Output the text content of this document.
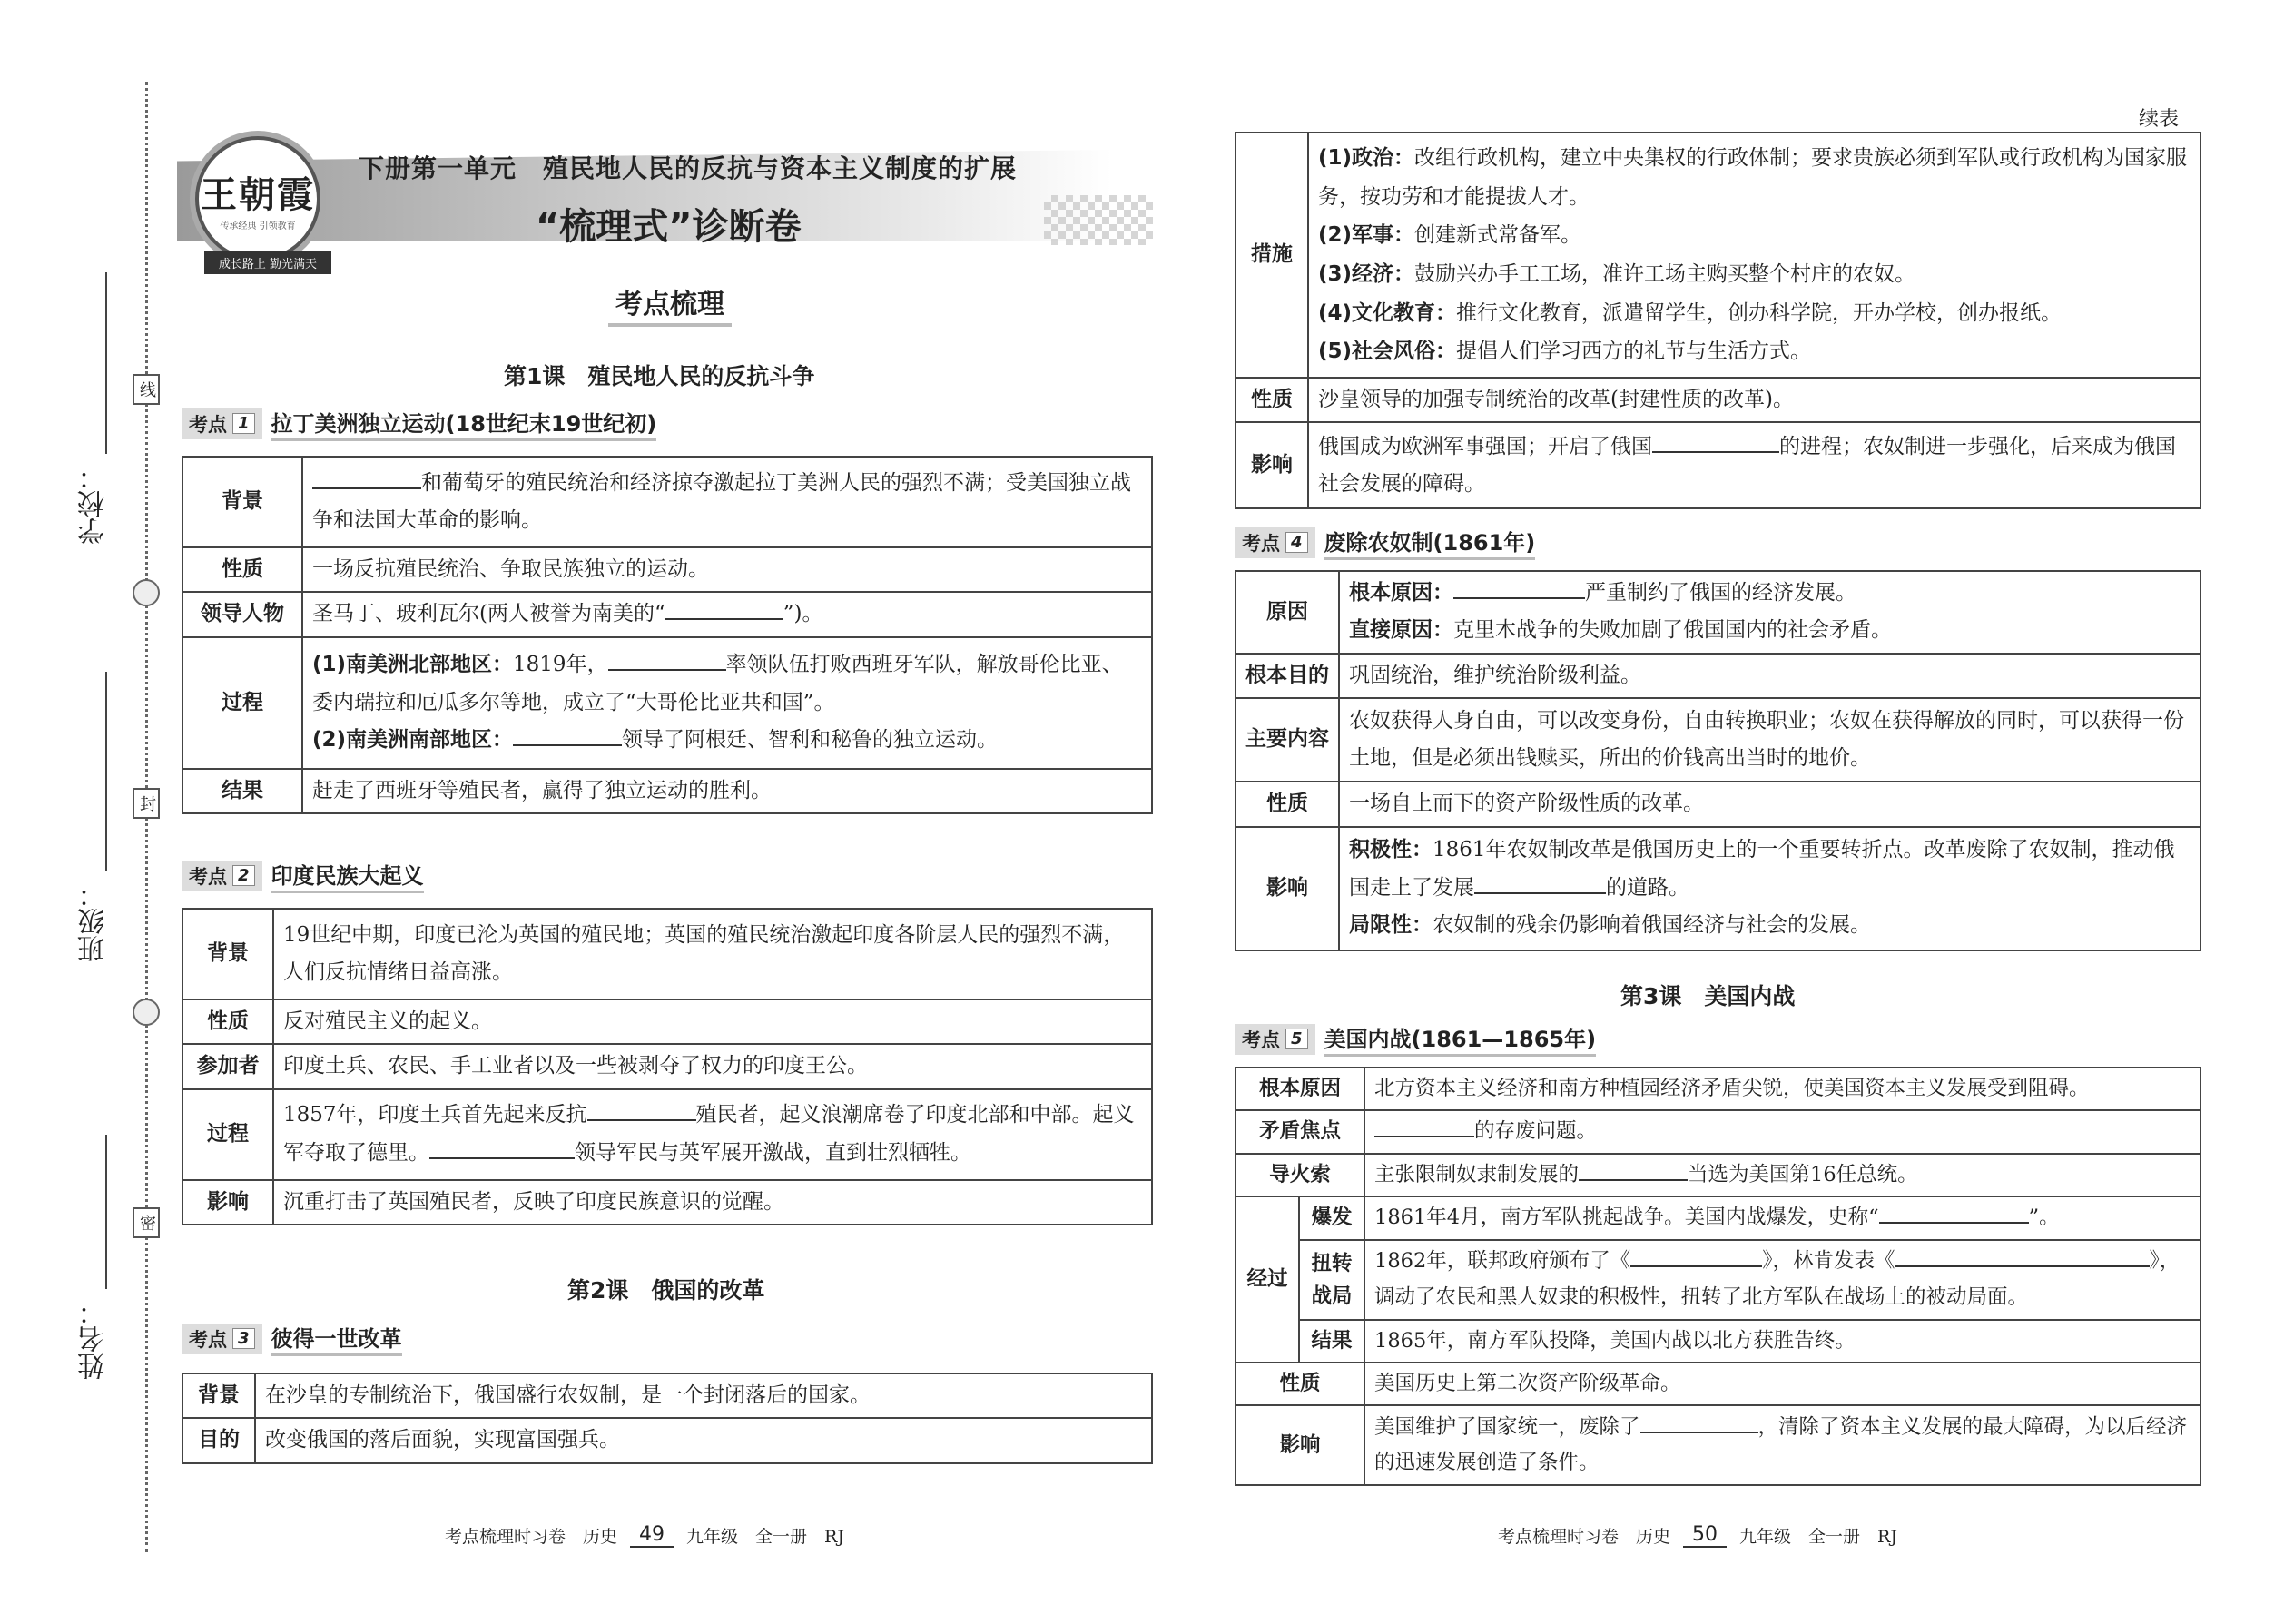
学校：
班级：
姓名：
线
封
密
王朝霞
传承经典 引领教育
成长路上 勤光满天
下册第一单元　殖民地人民的反抗与资本主义制度的扩展
“梳理式”诊断卷
考点梳理
第1课　殖民地人民的反抗斗争
考点 1 拉丁美洲独立运动(18世纪末19世纪初)
背景	和葡萄牙的殖民统治和经济掠夺激起拉丁美洲人民的强烈不满；受美国独立战争和法国大革命的影响。
性质	一场反抗殖民统治、争取民族独立的运动。
领导人物	圣马丁、玻利瓦尔(两人被誉为南美的“ ”)。
过程	(1)南美洲北部地区：1819年， 率领队伍打败西班牙军队，解放哥伦比亚、委内瑞拉和厄瓜多尔等地，成立了“大哥伦比亚共和国”。
(2)南美洲南部地区： 领导了阿根廷、智利和秘鲁的独立运动。
结果	赶走了西班牙等殖民者，赢得了独立运动的胜利。
考点 2 印度民族大起义
背景	19世纪中期，印度已沦为英国的殖民地；英国的殖民统治激起印度各阶层人民的强烈不满，人们反抗情绪日益高涨。
性质	反对殖民主义的起义。
参加者	印度土兵、农民、手工业者以及一些被剥夺了权力的印度王公。
过程	1857年，印度土兵首先起来反抗 殖民者，起义浪潮席卷了印度北部和中部。起义军夺取了德里。 领导军民与英军展开激战，直到壮烈牺牲。
影响	沉重打击了英国殖民者，反映了印度民族意识的觉醒。
第2课　俄国的改革
考点 3 彼得一世改革
背景	在沙皇的专制统治下，俄国盛行农奴制，是一个封闭落后的国家。
目的	改变俄国的落后面貌，实现富国强兵。
考点梳理时习卷　历史	49	九年级　全一册　RJ
续表
措施	(1)政治：改组行政机构，建立中央集权的行政体制；要求贵族必须到军队或行政机构为国家服务，按功劳和才能提拔人才。
(2)军事：创建新式常备军。
(3)经济：鼓励兴办手工工场，准许工场主购买整个村庄的农奴。
(4)文化教育：推行文化教育，派遣留学生，创办科学院，开办学校，创办报纸。
(5)社会风俗：提倡人们学习西方的礼节与生活方式。
性质	沙皇领导的加强专制统治的改革(封建性质的改革)。
影响	俄国成为欧洲军事强国；开启了俄国 的进程；农奴制进一步强化，后来成为俄国社会发展的障碍。
考点 4 废除农奴制(1861年)
原因	根本原因： 严重制约了俄国的经济发展。
直接原因：克里木战争的失败加剧了俄国国内的社会矛盾。
根本目的	巩固统治，维护统治阶级利益。
主要内容	农奴获得人身自由，可以改变身份，自由转换职业；农奴在获得解放的同时，可以获得一份土地，但是必须出钱赎买，所出的价钱高出当时的地价。
性质	一场自上而下的资产阶级性质的改革。
影响	积极性：1861年农奴制改革是俄国历史上的一个重要转折点。改革废除了农奴制，推动俄国走上了发展 的道路。
局限性：农奴制的残余仍影响着俄国经济与社会的发展。
第3课　美国内战
考点 5 美国内战(1861—1865年)
根本原因		北方资本主义经济和南方种植园经济矛盾尖锐，使美国资本主义发展受到阻碍。
矛盾焦点		的存废问题。
导火索		主张限制奴隶制发展的 当选为美国第16任总统。
经过	爆发	1861年4月，南方军队挑起战争。美国内战爆发，史称“ ”。
	扭转战局	1862年，联邦政府颁布了《 》，林肯发表《 》，调动了农民和黑人奴隶的积极性，扭转了北方军队在战场上的被动局面。
	结果	1865年，南方军队投降，美国内战以北方获胜告终。
性质		美国历史上第二次资产阶级革命。
影响		美国维护了国家统一，废除了 ，清除了资本主义发展的最大障碍，为以后经济的迅速发展创造了条件。
考点梳理时习卷　历史	50	九年级　全一册　RJ
